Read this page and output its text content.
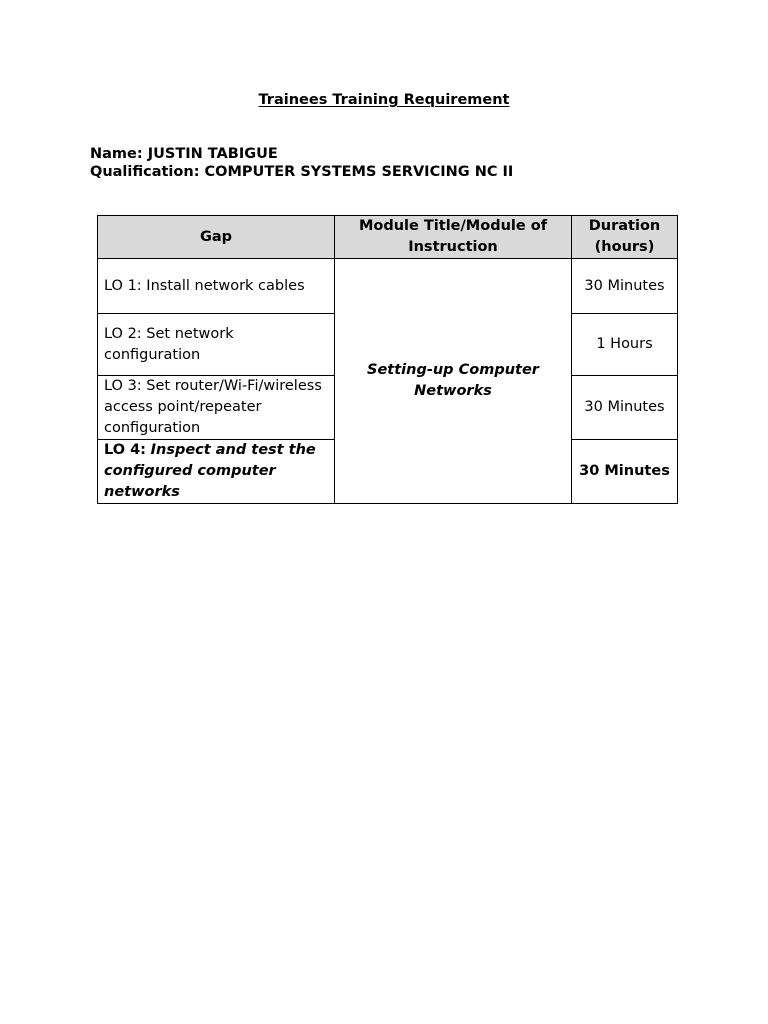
Trainees Training Requirement
Name: JUSTIN TABIGUE
Qualification: COMPUTER SYSTEMS SERVICING NC II
Gap	Module Title/Module of Instruction	Duration (hours)
LO 1: Install network cables	Setting-up Computer Networks	30 Minutes
LO 2: Set network configuration		1 Hours
LO 3: Set router/Wi-Fi/wireless access point/repeater configuration		30 Minutes
LO 4: Inspect and test the configured computer networks		30 Minutes
